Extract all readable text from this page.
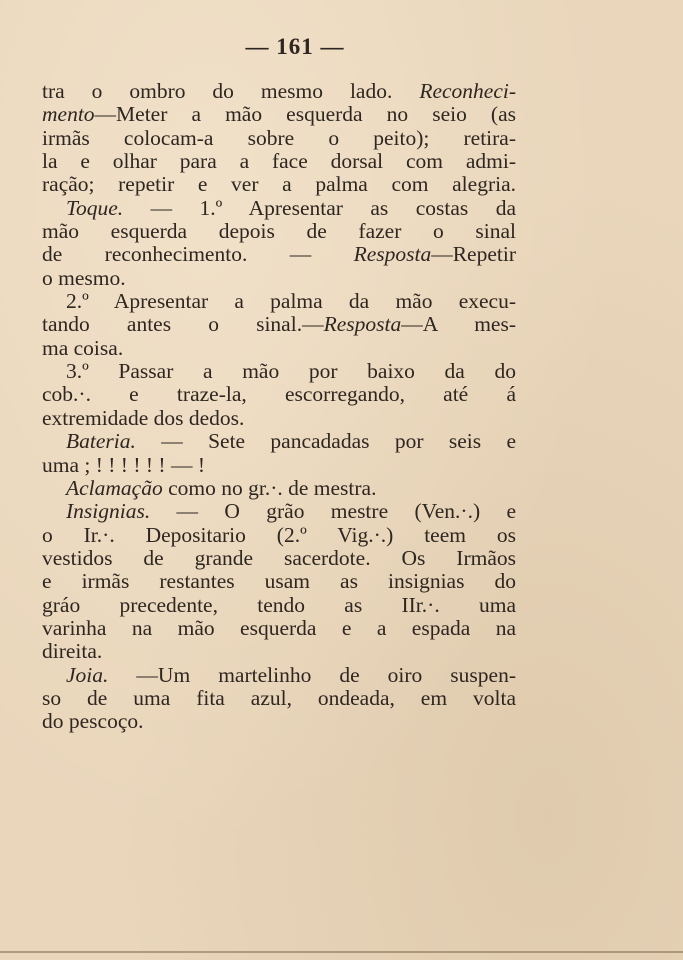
— 161 —
tra o ombro do mesmo lado. Reconheci-
mento—Meter a mão esquerda no seio (as
irmãs colocam-a sobre o peito); retira-
la e olhar para a face dorsal com admi-
ração; repetir e ver a palma com alegria.
Toque. — 1.º Apresentar as costas da
mão esquerda depois de fazer o sinal
de reconhecimento. — Resposta—Repetir
o mesmo.
2.º Apresentar a palma da mão execu-
tando antes o sinal.—Resposta—A mes-
ma coisa.
3.º Passar a mão por baixo da do
cob.·. e traze-la, escorregando, até á
extremidade dos dedos.
Bateria. — Sete pancadadas por seis e
uma ; ! ! ! ! ! ! — !
Aclamação como no gr.·. de mestra.
Insignias. — O grão mestre (Ven.·.) e
o Ir.·. Depositario (2.º Vig.·.) teem os
vestidos de grande sacerdote. Os Irmãos
e irmãs restantes usam as insignias do
gráo precedente, tendo as IIr.·. uma
varinha na mão esquerda e a espada na
direita.
Joia. —Um martelinho de oiro suspen-
so de uma fita azul, ondeada, em volta
do pescoço.
